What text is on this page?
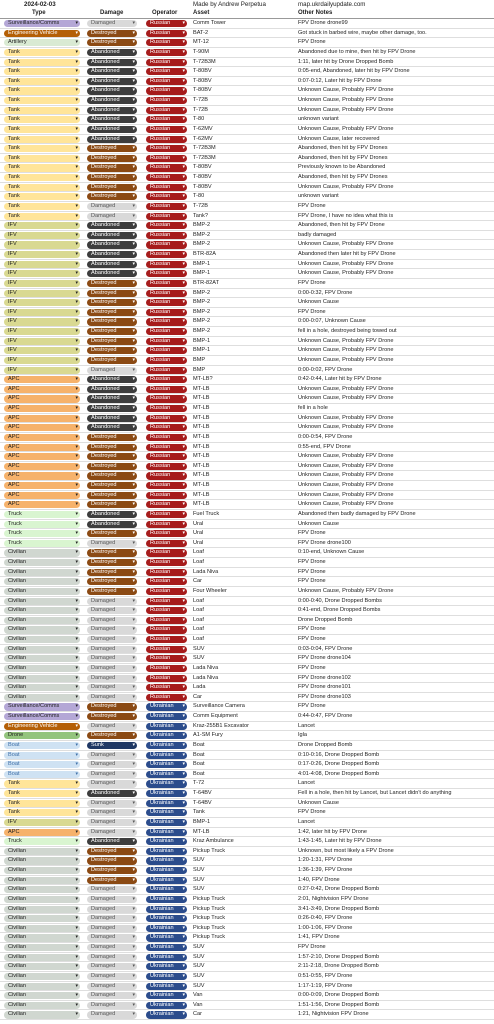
2024-02-03	Made by Andrew Perpetua	map.ukrdailyupdate.com
Type	Damage	Operator	Asset	Other Notes
Surveillance/Comms	▾	Damaged	▾	Russian ▾ Comm Tower	FPV Drone drone99
Engineering Vehicle	▾	Destroyed	▾	Russian ▾ BAT-2	Got stuck in barbed wire, maybe other damage, too.
Artillery	▾	Destroyed	▾	Russian ▾ MT-12	FPV Drone
Tank	▾	Abandoned	▾	Russian ▾ T-90M	Abandoned due to mine, then hit by FPV Drone
Tank	▾	Abandoned	▾	Russian ▾ T-72B3M	1:11, later hit by Drone Dropped Bomb
Tank	▾	Abandoned	▾	Russian ▾ T-80BV	0:05-end, Abandoned, later hit by FPV Drone
Tank	▾	Abandoned	▾	Russian ▾ T-80BV	0:07-0:12, Later hit by FPV Drone
Tank	▾	Abandoned	▾	Russian ▾ T-80BV	Unknown Cause, Probably FPV Drone
Tank	▾	Abandoned	▾	Russian ▾ T-72B	Unknown Cause, Probably FPV Drone
Tank	▾	Abandoned	▾	Russian ▾ T-72B	Unknown Cause, Probably FPV Drone
Tank	▾	Abandoned	▾	Russian ▾ T-80	unknown variant
Tank	▾	Abandoned	▾	Russian ▾ T-62MV	Unknown Cause, Probably FPV Drone
Tank	▾	Abandoned	▾	Russian ▾ T-62MV	Unknown Cause, later recovered
Tank	▾	Destroyed	▾	Russian ▾ T-72B3M	Abandoned, then hit by FPV Drones
Tank	▾	Destroyed	▾	Russian ▾ T-72B3M	Abandoned, then hit by FPV Drones
Tank	▾	Destroyed	▾	Russian ▾ T-80BV	Previously known to be Abandoned
Tank	▾	Destroyed	▾	Russian ▾ T-80BV	Abandoned, then hit by FPV Drones
Tank	▾	Destroyed	▾	Russian ▾ T-80BV	Unknown Cause, Probably FPV Drone
Tank	▾	Destroyed	▾	Russian ▾ T-80	unknown variant
Tank	▾	Damaged	▾	Russian ▾ T-72B	FPV Drone
Tank	▾	Damaged	▾	Russian ▾ Tank?	FPV Drone, I have no idea what this is
IFV	▾	Abandoned	▾	Russian ▾ BMP-2	Abandoned, then hit by FPV Drone
IFV	▾	Abandoned	▾	Russian ▾ BMP-2	badly damaged
IFV	▾	Abandoned	▾	Russian ▾ BMP-2	Unknown Cause, Probably FPV Drone
IFV	▾	Abandoned	▾	Russian ▾ BTR-82A	Abandoned then later hit by FPV Drone
IFV	▾	Abandoned	▾	Russian ▾ BMP-1	Unknown Cause, Probably FPV Drone
IFV	▾	Abandoned	▾	Russian ▾ BMP-1	Unknown Cause, Probably FPV Drone
IFV	▾	Destroyed	▾	Russian ▾ BTR-82AT	FPV Drone
IFV	▾	Destroyed	▾	Russian ▾ BMP-2	0:00-0:32, FPV Drone
IFV	▾	Destroyed	▾	Russian ▾ BMP-2	Unknown Cause
IFV	▾	Destroyed	▾	Russian ▾ BMP-2	FPV Drone
IFV	▾	Destroyed	▾	Russian ▾ BMP-2	0:00-0:07, Unknown Cause
IFV	▾	Destroyed	▾	Russian ▾ BMP-2	fell in a hole, destroyed being towed out
IFV	▾	Destroyed	▾	Russian ▾ BMP-1	Unknown Cause, Probably FPV Drone
IFV	▾	Destroyed	▾	Russian ▾ BMP-1	Unknown Cause, Probably FPV Drone
IFV	▾	Destroyed	▾	Russian ▾ BMP	Unknown Cause, Probably FPV Drone
IFV	▾	Damaged	▾	Russian ▾ BMP	0:00-0:02, FPV Drone
APC	▾	Abandoned	▾	Russian ▾ MT-LB?	0:42-0:44, Later hit by FPV Drone
APC	▾	Abandoned	▾	Russian ▾ MT-LB	Unknown Cause, Probably FPV Drone
APC	▾	Abandoned	▾	Russian ▾ MT-LB	Unknown Cause, Probably FPV Drone
APC	▾	Abandoned	▾	Russian ▾ MT-LB	fell in a hole
APC	▾	Abandoned	▾	Russian ▾ MT-LB	Unknown Cause, Probably FPV Drone
APC	▾	Abandoned	▾	Russian ▾ MT-LB	Unknown Cause, Probably FPV Drone
APC	▾	Destroyed	▾	Russian ▾ MT-LB	0:00-0:54, FPV Drone
APC	▾	Destroyed	▾	Russian ▾ MT-LB	0:55-end, FPV Drone
APC	▾	Destroyed	▾	Russian ▾ MT-LB	Unknown Cause, Probably FPV Drone
APC	▾	Destroyed	▾	Russian ▾ MT-LB	Unknown Cause, Probably FPV Drone
APC	▾	Destroyed	▾	Russian ▾ MT-LB	Unknown Cause, Probably FPV Drone
APC	▾	Destroyed	▾	Russian ▾ MT-LB	Unknown Cause, Probably FPV Drone
APC	▾	Destroyed	▾	Russian ▾ MT-LB	Unknown Cause, Probably FPV Drone
APC	▾	Destroyed	▾	Russian ▾ MT-LB	Unknown Cause, Probably FPV Drone
Truck	▾	Abandoned	▾	Russian ▾ Fuel Truck	Abandoned then badly damaged by FPV Drone
Truck	▾	Abandoned	▾	Russian ▾ Ural	Unknown Cause
Truck	▾	Destroyed	▾	Russian ▾ Ural	FPV Drone
Truck	▾	Damaged	▾	Russian ▾ Ural	FPV Drone drone100
Civilian	▾	Destroyed	▾	Russian ▾ Loaf	0:10-end, Unknown Cause
Civilian	▾	Destroyed	▾	Russian ▾ Loaf	FPV Drone
Civilian	▾	Destroyed	▾	Russian ▾ Lada Niva	FPV Drone
Civilian	▾	Destroyed	▾	Russian ▾ Car	FPV Drone
Civilian	▾	Destroyed	▾	Russian ▾ Four Wheeler	Unknown Cause, Probably FPV Drone
Civilian	▾	Damaged	▾	Russian ▾ Loaf	0:00-0:40, Drone Dropped Bombs
Civilian	▾	Damaged	▾	Russian ▾ Loaf	0:41-end, Drone Dropped Bombs
Civilian	▾	Damaged	▾	Russian ▾ Loaf	Drone Dropped Bomb
Civilian	▾	Damaged	▾	Russian ▾ Loaf	FPV Drone
Civilian	▾	Damaged	▾	Russian ▾ Loaf	FPV Drone
Civilian	▾	Damaged	▾	Russian ▾ SUV	0:03-0:04, FPV Drone
Civilian	▾	Damaged	▾	Russian ▾ SUV	FPV Drone drone104
Civilian	▾	Damaged	▾	Russian ▾ Lada Niva	FPV Drone
Civilian	▾	Damaged	▾	Russian ▾ Lada Niva	FPV Drone drone102
Civilian	▾	Damaged	▾	Russian ▾ Lada	FPV Drone drone101
Civilian	▾	Damaged	▾	Russian ▾ Car	FPV Drone drone103
Surveillance/Comms	▾	Destroyed	▾	Ukrainian ▾ Surveillance Camera	FPV Drone
Surveillance/Comms	▾	Destroyed	▾	Ukrainian ▾ Comm Equipment	0:44-0:47, FPV Drone
Engineering Vehicle	▾	Damaged	▾	Ukrainian ▾ Kraz-255B1 Excavator	Lancet
Drone	▾	Destroyed	▾	Ukrainian ▾ A1-SM Fury	Igla
Boat	▾	Sunk	▾	Ukrainian ▾ Boat	Drone Dropped Bomb
Boat	▾	Damaged	▾	Ukrainian ▾ Boat	0:10-0:16, Drone Dropped Bomb
Boat	▾	Damaged	▾	Ukrainian ▾ Boat	0:17-0:26, Drone Dropped Bomb
Boat	▾	Damaged	▾	Ukrainian ▾ Boat	4:01-4:08, Drone Dropped Bomb
Tank	▾	Damaged	▾	Ukrainian ▾ T-72	Lancet
Tank	▾	Abandoned	▾	Ukrainian ▾ T-64BV	Fell in a hole, then hit by Lancet, but Lancet didn't do anything
Tank	▾	Damaged	▾	Ukrainian ▾ T-64BV	Unknown Cause
Tank	▾	Damaged	▾	Ukrainian ▾ Tank	FPV Drone
IFV	▾	Damaged	▾	Ukrainian ▾ BMP-1	Lancet
APC	▾	Damaged	▾	Ukrainian ▾ MT-LB	1:42, later hit by FPV Drone
Truck	▾	Abandoned	▾	Ukrainian ▾ Kraz Ambulance	1:43-1:45, Later hit by FPV Drone
Civilian	▾	Destroyed	▾	Ukrainian ▾ Pickup Truck	Unknown, but most likely a FPV Drone
Civilian	▾	Destroyed	▾	Ukrainian ▾ SUV	1:20-1:31, FPV Drone
Civilian	▾	Destroyed	▾	Ukrainian ▾ SUV	1:36-1:39, FPV Drone
Civilian	▾	Destroyed	▾	Ukrainian ▾ SUV	1:40, FPV Drone
Civilian	▾	Damaged	▾	Ukrainian ▾ SUV	0:27-0:42, Drone Dropped Bomb
Civilian	▾	Damaged	▾	Ukrainian ▾ Pickup Truck	2:01, Nightvision FPV Drone
Civilian	▾	Damaged	▾	Ukrainian ▾ Pickup Truck	3:41-3:49, Drone Dropped Bomb
Civilian	▾	Damaged	▾	Ukrainian ▾ Pickup Truck	0:26-0:40, FPV Drone
Civilian	▾	Damaged	▾	Ukrainian ▾ Pickup Truck	1:00-1:06, FPV Drone
Civilian	▾	Damaged	▾	Ukrainian ▾ Pickup Truck	1:41, FPV Drone
Civilian	▾	Damaged	▾	Ukrainian ▾ SUV	FPV Drone
Civilian	▾	Damaged	▾	Ukrainian ▾ SUV	1:57-2:10, Drone Dropped Bomb
Civilian	▾	Damaged	▾	Ukrainian ▾ SUV	2:11-2:18, Drone Dropped Bomb
Civilian	▾	Damaged	▾	Ukrainian ▾ SUV	0:51-0:55, FPV Drone
Civilian	▾	Damaged	▾	Ukrainian ▾ SUV	1:17-1:19, FPV Drone
Civilian	▾	Damaged	▾	Ukrainian ▾ Van	0:00-0:09, Drone Dropped Bomb
Civilian	▾	Damaged	▾	Ukrainian ▾ Van	1:51-1:56, Drone Dropped Bomb
Civilian	▾	Damaged	▾	Ukrainian ▾ Car	1:21, Nightvision FPV Drone
